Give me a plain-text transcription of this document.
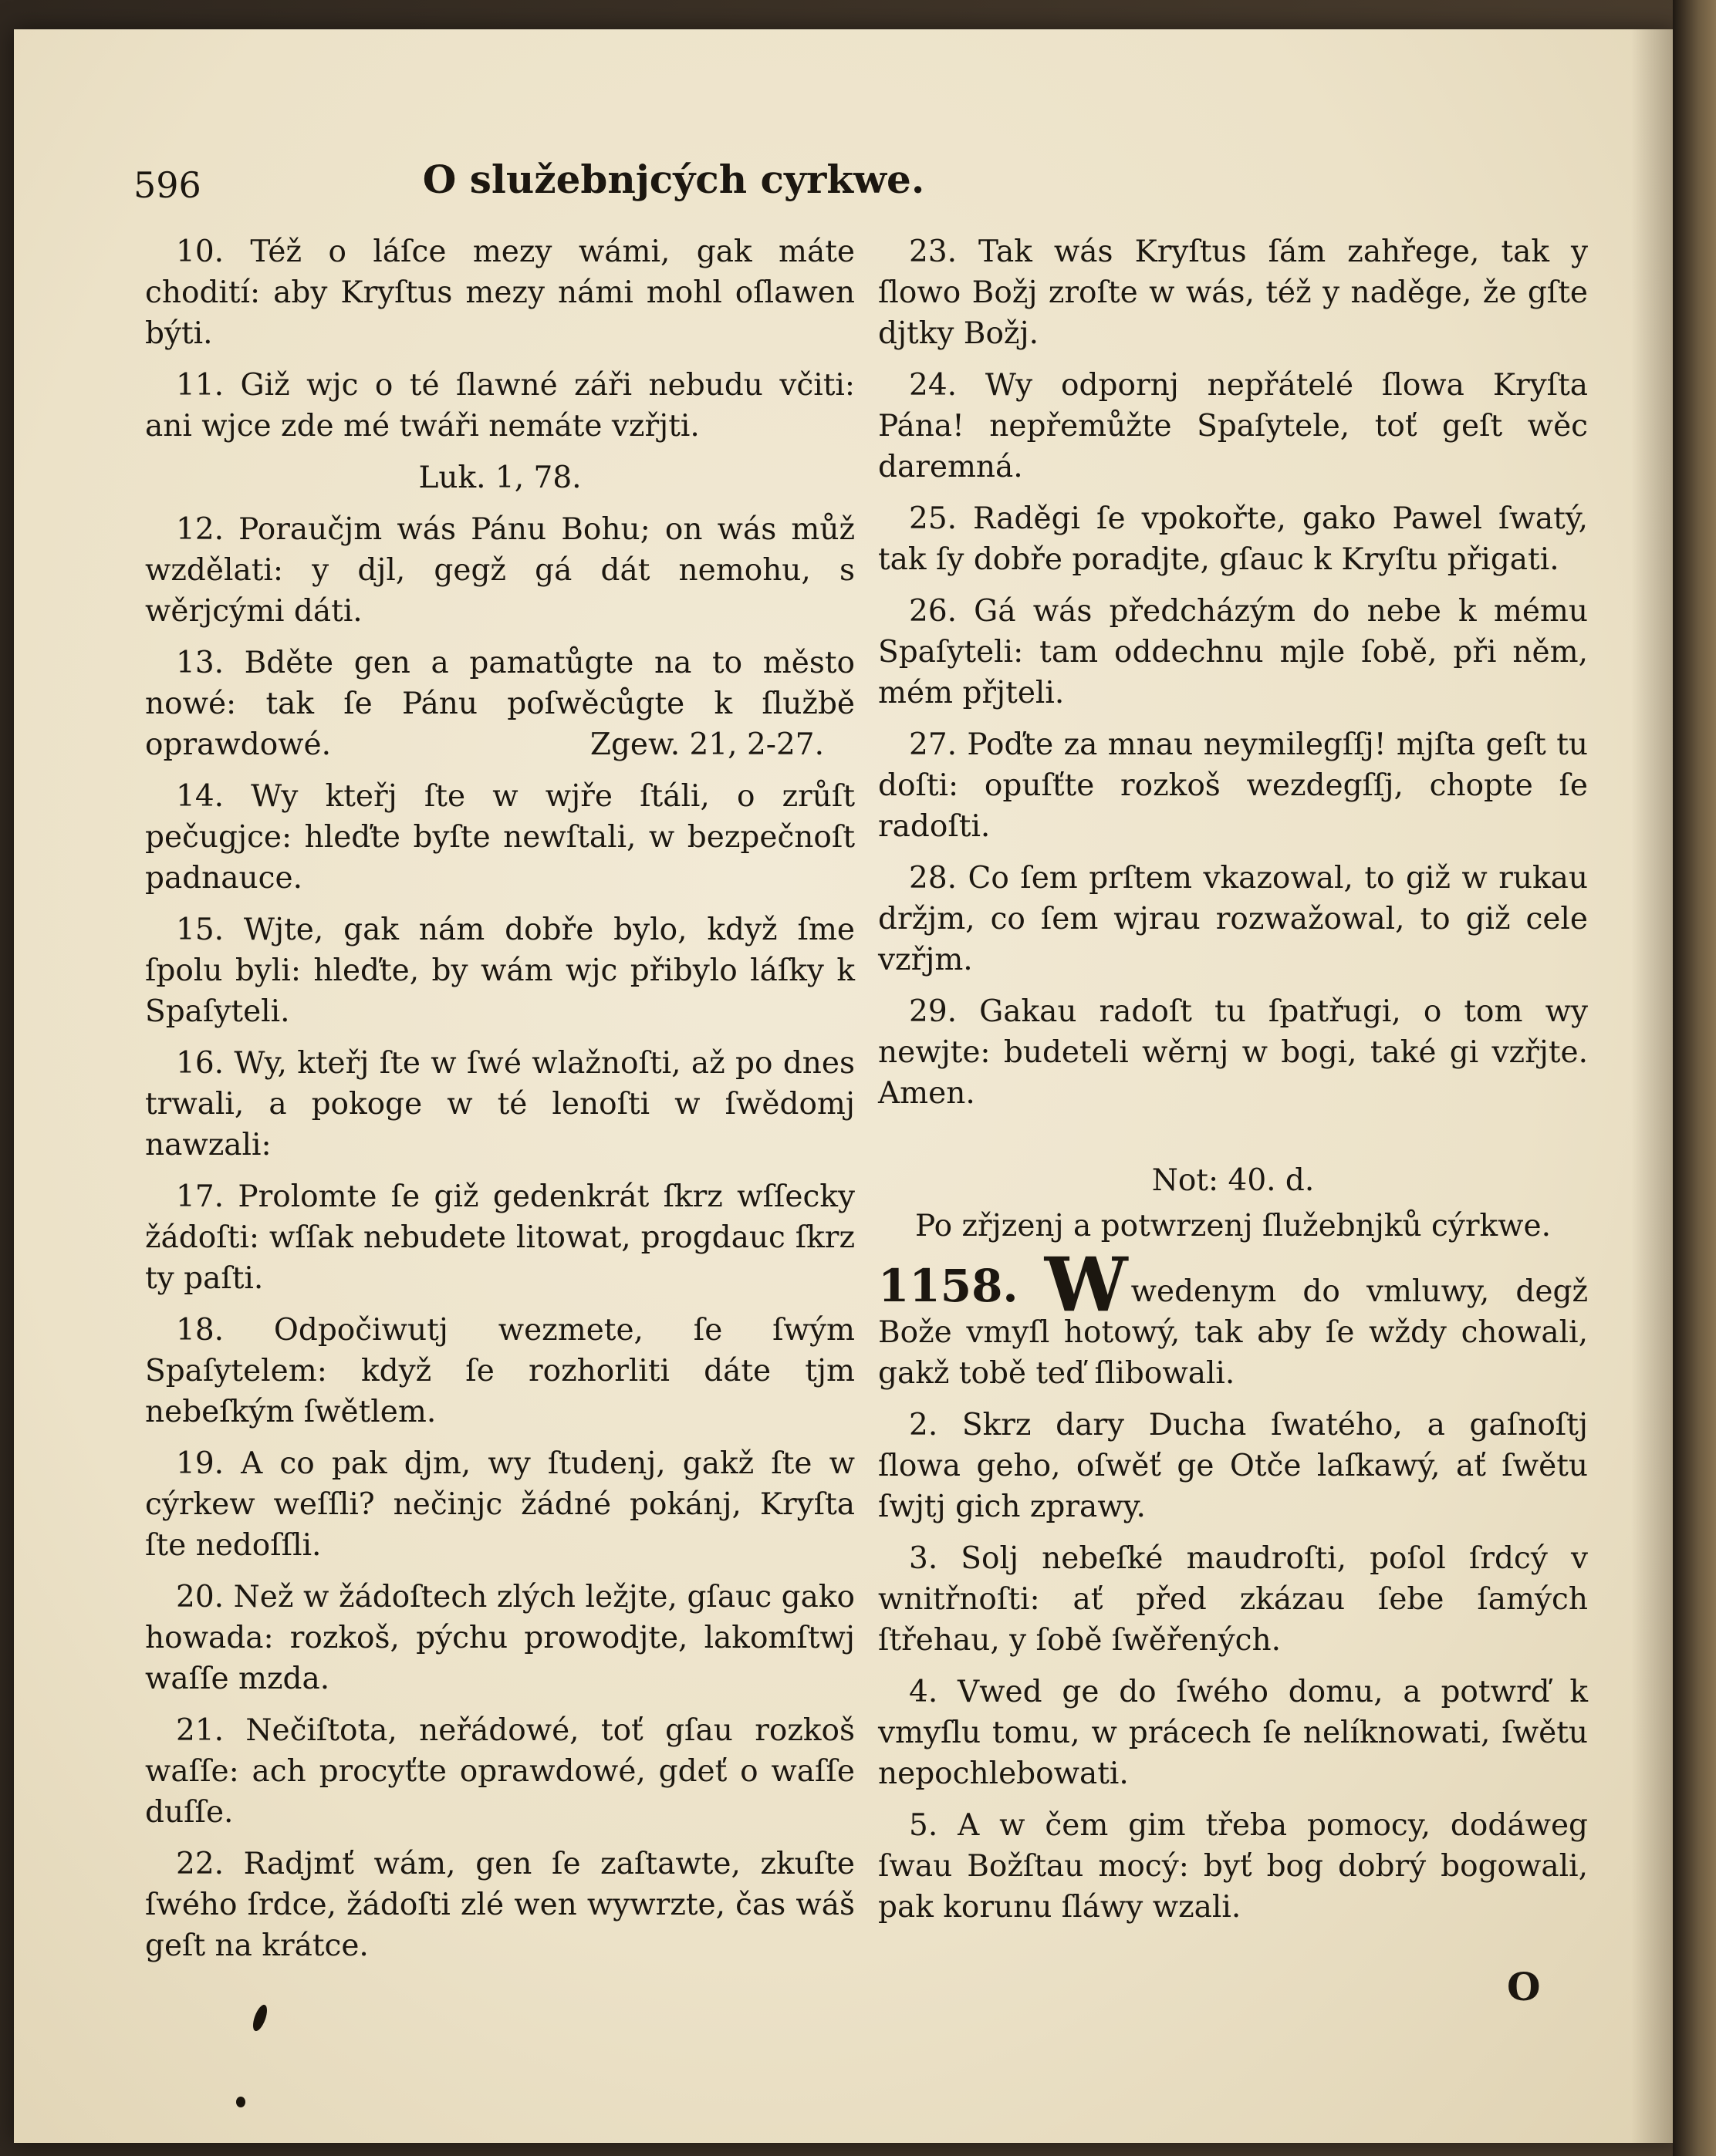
596	O služebnjcých cyrkwe.

10. Též o láſce mezy wámi, gak máte chodití: aby Kryſtus mezy námi mohl oſlawen býti.

11. Giž wjc o té ſlawné záři nebudu včiti: ani wjce zde mé twáři nemáte vzřjti.

Luk. 1, 78.

12. Poraučjm wás Pánu Bohu; on wás můž wzdělati: y djl, gegž gá dát nemohu, s wěrjcými dáti.

13. Bděte gen a pamatůgte na to město nowé: tak ſe Pánu poſwěcůgte k ſlužbě oprawdowé.	Zgew. 21, 2-27.

14. Wy kteřj ſte w wjře ſtáli, o zrůſt pečugjce: hleďte byſte newſtali, w bezpečnoſt padnauce.

15. Wjte, gak nám dobře bylo, když ſme ſpolu byli: hleďte, by wám wjc přibylo láſky k Spaſyteli.

16. Wy, kteřj ſte w ſwé wlažnoſti, až po dnes trwali, a pokoge w té lenoſti w ſwědomj nawzali:

17. Prolomte ſe giž gedenkrát ſkrz wſſecky žádoſti: wſſak nebudete litowat, progdauc ſkrz ty paſti.

18. Odpočiwutj wezmete, ſe ſwým Spaſytelem: když ſe rozhorliti dáte tjm nebeſkým ſwětlem.

19. A co pak djm, wy ſtudenj, gakž ſte w cýrkew weſſli? nečinjc žádné pokánj, Kryſta ſte nedoſſli.

20. Než w žádoſtech zlých ležjte, gſauc gako howada: rozkoš, pýchu prowodjte, lakomſtwj waſſe mzda.

21. Nečiſtota, neřádowé, toť gſau rozkoš waſſe: ach procyťte oprawdowé, gdeť o waſſe duſſe.

22. Radjmť wám, gen ſe zaſtawte, zkuſte ſwého ſrdce, žádoſti zlé wen wywrzte, čas wáš geſt na krátce.

23. Tak wás Kryſtus ſám zahřege, tak y ſlowo Božj zroſte w wás, též y naděge, že gſte djtky Božj.

24. Wy odpornj nepřátelé ſlowa Kryſta Pána! nepřemůžte Spaſytele, toť geſt wěc daremná.

25. Raděgi ſe vpokořte, gako Pawel ſwatý, tak ſy dobře poradjte, gſauc k Kryſtu přigati.

26. Gá wás předcházým do nebe k mému Spaſyteli: tam oddechnu mjle ſobě, při něm, mém přjteli.

27. Poďte za mnau neymilegſſj! mjſta geſt tu doſti: opuſťte rozkoš wezdegſſj, chopte ſe radoſti.

28. Co ſem prſtem vkazowal, to giž w rukau držjm, co ſem wjrau rozwažowal, to giž cele vzřjm.

29. Gakau radoſt tu ſpatřugi, o tom wy newjte: budeteli wěrnj w bogi, také gi vzřjte. Amen.

Not: 40. d.

Po zřjzenj a potwrzenj ſlužebnjků cýrkwe.

1158. W wedenym do vmluwy, degž Bože vmyſl hotowý, tak aby ſe wždy chowali, gakž tobě teď ſlibowali.

2. Skrz dary Ducha ſwatého, a gaſnoſtj ſlowa geho, oſwěť ge Otče laſkawý, ať ſwětu ſwjtj gich zprawy.

3. Solj nebeſké maudroſti, poſol ſrdcý v wnitřnoſti: ať před zkázau ſebe ſamých ſtřehau, y ſobě ſwěřených.

4. Vwed ge do ſwého domu, a potwrď k vmyſlu tomu, w prácech ſe nelíknowati, ſwětu nepochlebowati.

5. A w čem gim třeba pomocy, dodáweg ſwau Božſtau mocý: byť bog dobrý bogowali, pak korunu ſláwy wzali.

O
